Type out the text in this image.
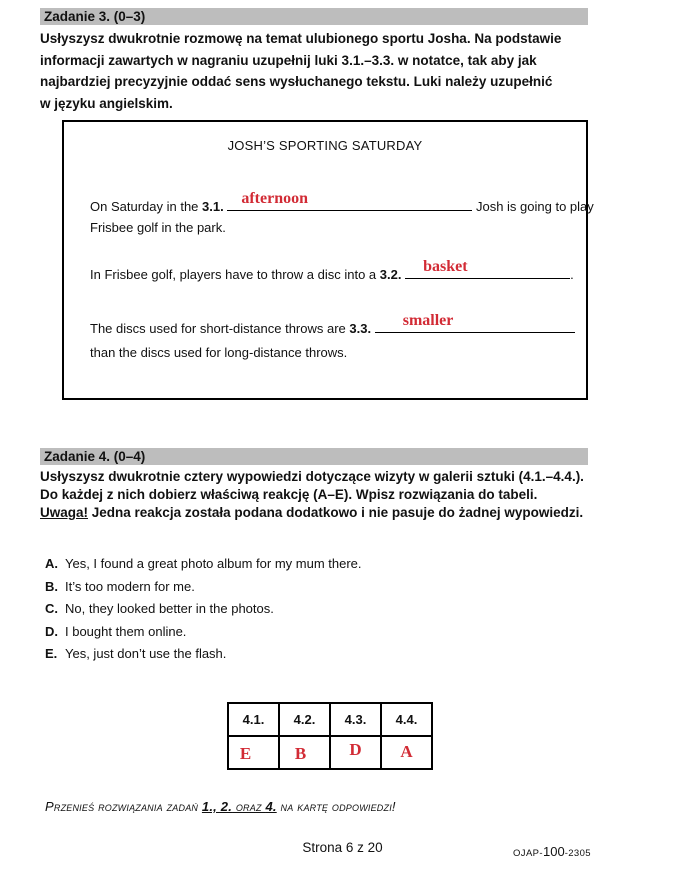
Zadanie 3. (0–3)
Usłyszysz dwukrotnie rozmowę na temat ulubionego sportu Josha. Na podstawie
informacji zawartych w nagraniu uzupełnij luki 3.1.–3.3. w notatce, tak aby jak
najbardziej precyzyjnie oddać sens wysłuchanego tekstu. Luki należy uzupełnić
w języku angielskim.
JOSH’S SPORTING SATURDAY
On Saturday in the 3.1. afternoon	Josh is going to play
Frisbee golf in the park.
In Frisbee golf, players have to throw a disc into a 3.2. basket	.
The discs used for short-distance throws are 3.3. smaller
than the discs used for long-distance throws.
Zadanie 4. (0–4)
Usłyszysz dwukrotnie cztery wypowiedzi dotyczące wizyty w galerii sztuki (4.1.–4.4.).
Do każdej z nich dobierz właściwą reakcję (A–E). Wpisz rozwiązania do tabeli.
Uwaga! Jedna reakcja została podana dodatkowo i nie pasuje do żadnej wypowiedzi.
A. Yes, I found a great photo album for my mum there.
B. It’s too modern for me.
C. No, they looked better in the photos.
D. I bought them online.
E. Yes, just don’t use the flash.
4.1.	4.2.	4.3.	4.4.
E	B	D	A
Przenieś rozwiązania zadań 1., 2. oraz 4. na kartę odpowiedzi!
Strona 6 z 20	OJAP-100-2305
